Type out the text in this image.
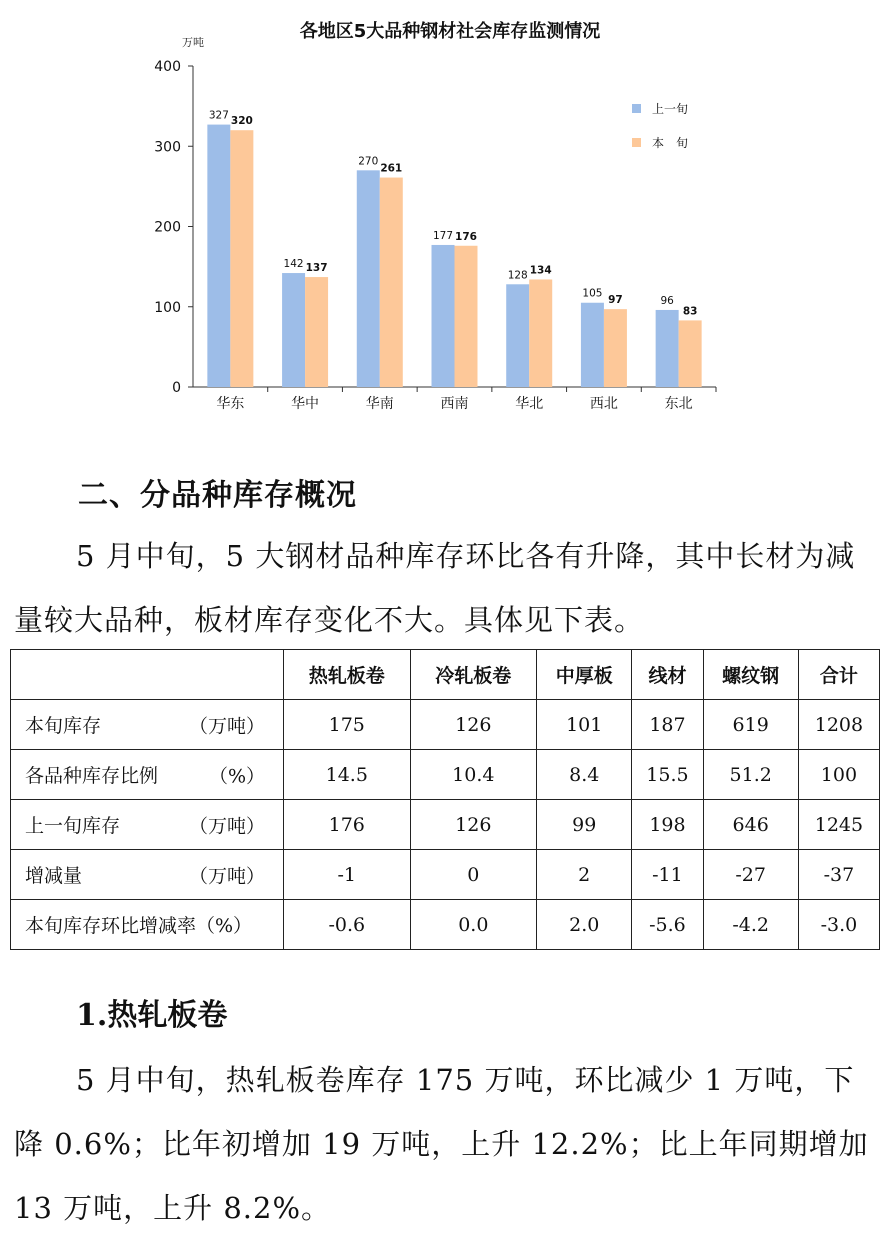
各地区5大品种钢材社会库存监测情况
万吨
0
100
200
300
400
327 320
142 137
270
261
177 176
128 134
105
97	96
83
华东	华中	华南	西南	华北	西北	东北
上一旬
本　旬
二、分品种库存概况

5 月中旬，5 大钢材品种库存环比各有升降，其中长材为减量较大品种，板材库存变化不大。具体见下表。

	热轧板卷	冷轧板卷	中厚板	线材	螺纹钢	合计
本旬库存 （万吨）	175	126	101	187	619	1208
各品种库存比例 （%）	14.5	10.4	8.4	15.5	51.2	100
上一旬库存 （万吨）	176	126	99	198	646	1245
增减量 （万吨）	-1	0	2	-11	-27	-37
本旬库存环比增减率（%）	-0.6	0.0	2.0	-5.6	-4.2	-3.0
1.热轧板卷

5 月中旬，热轧板卷库存 175 万吨，环比减少 1 万吨，下降 0.6%；比年初增加 19 万吨，上升 12.2%；比上年同期增加 13 万吨，上升 8.2%。
